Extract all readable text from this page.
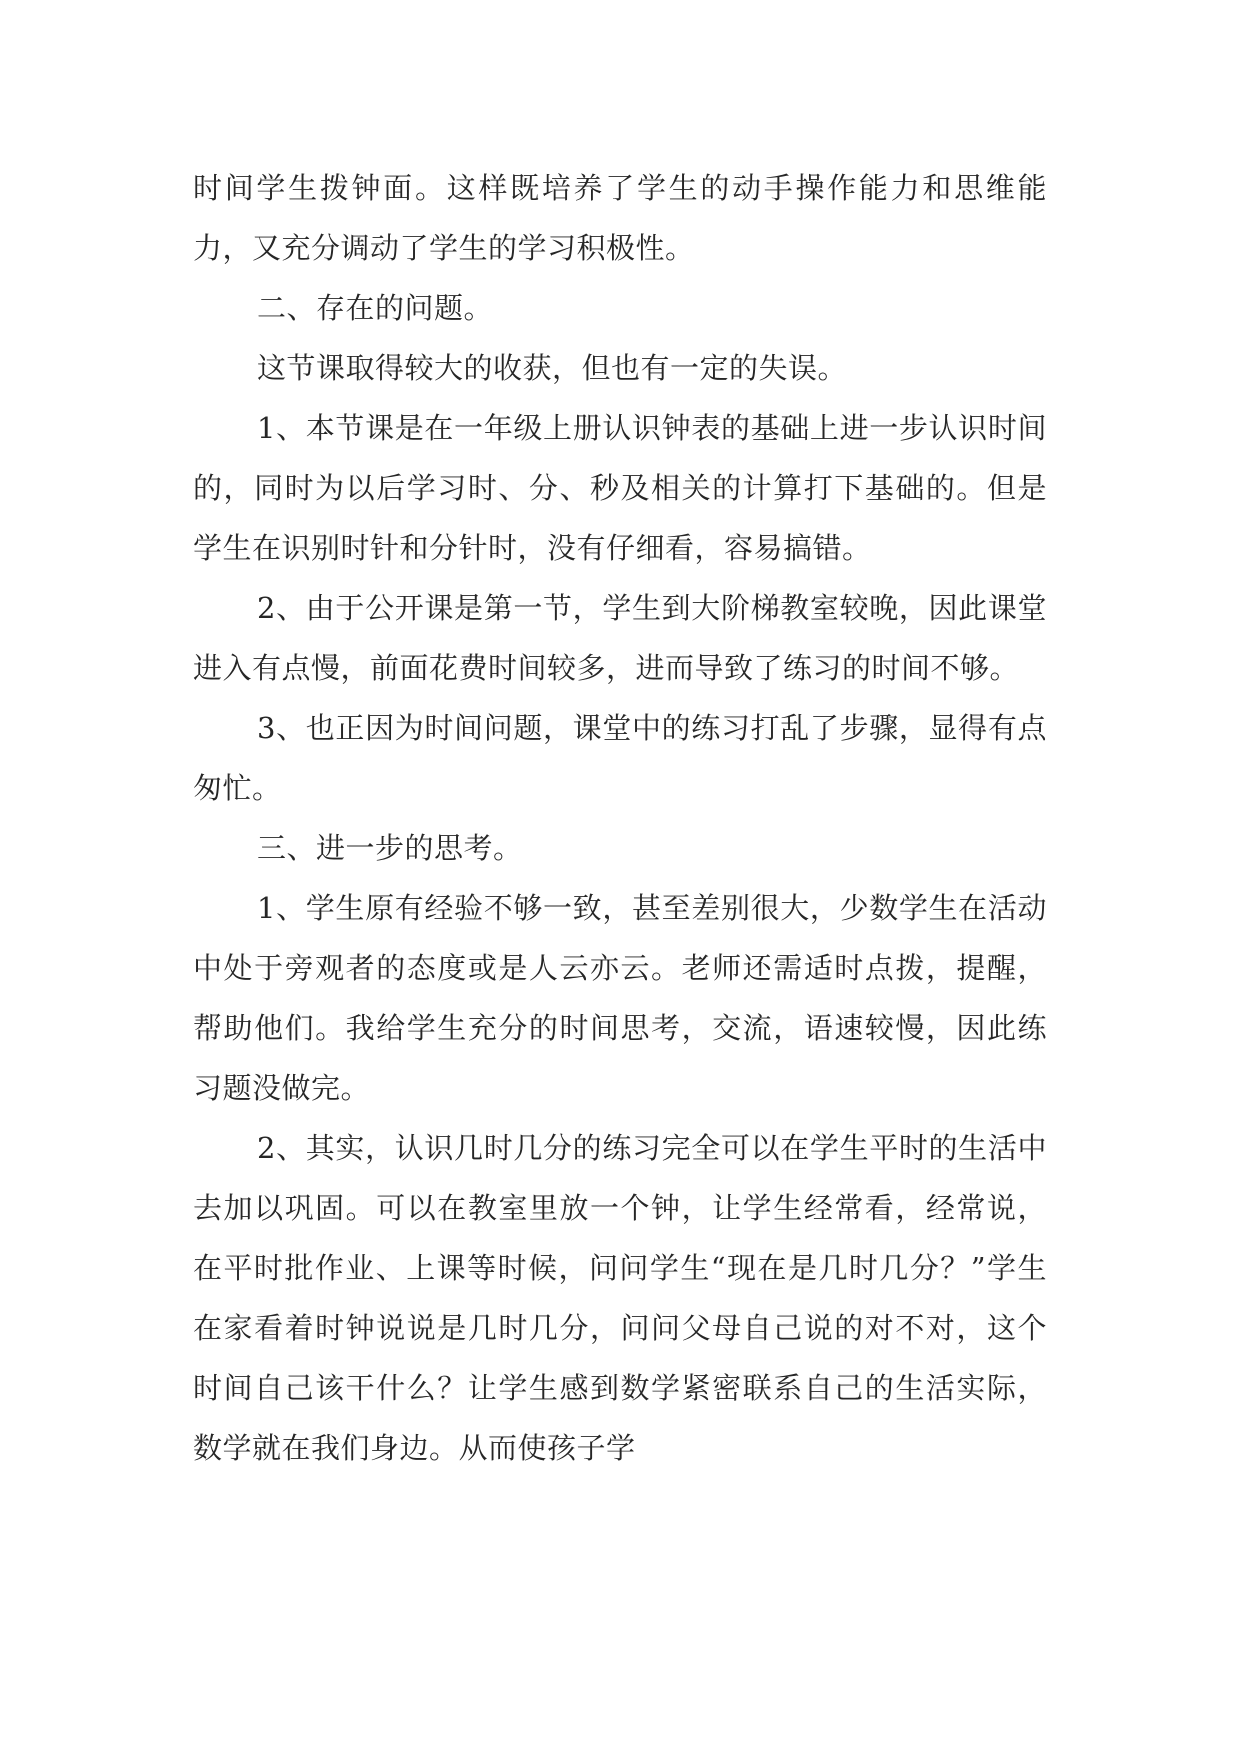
时间学生拨钟面。这样既培养了学生的动手操作能力和思维能力，又充分调动了学生的学习积极性。

二、存在的问题。

这节课取得较大的收获，但也有一定的失误。

1、本节课是在一年级上册认识钟表的基础上进一步认识时间的，同时为以后学习时、分、秒及相关的计算打下基础的。但是学生在识别时针和分针时，没有仔细看，容易搞错。

2、由于公开课是第一节，学生到大阶梯教室较晚，因此课堂进入有点慢，前面花费时间较多，进而导致了练习的时间不够。

3、也正因为时间问题，课堂中的练习打乱了步骤，显得有点匆忙。

三、进一步的思考。

1、学生原有经验不够一致，甚至差别很大，少数学生在活动中处于旁观者的态度或是人云亦云。老师还需适时点拨，提醒，帮助他们。我给学生充分的时间思考，交流，语速较慢，因此练习题没做完。

2、其实，认识几时几分的练习完全可以在学生平时的生活中去加以巩固。可以在教室里放一个钟，让学生经常看，经常说，在平时批作业、上课等时候，问问学生“现在是几时几分？”学生在家看着时钟说说是几时几分，问问父母自己说的对不对，这个时间自己该干什么？让学生感到数学紧密联系自己的生活实际，数学就在我们身边。从而使孩子学
